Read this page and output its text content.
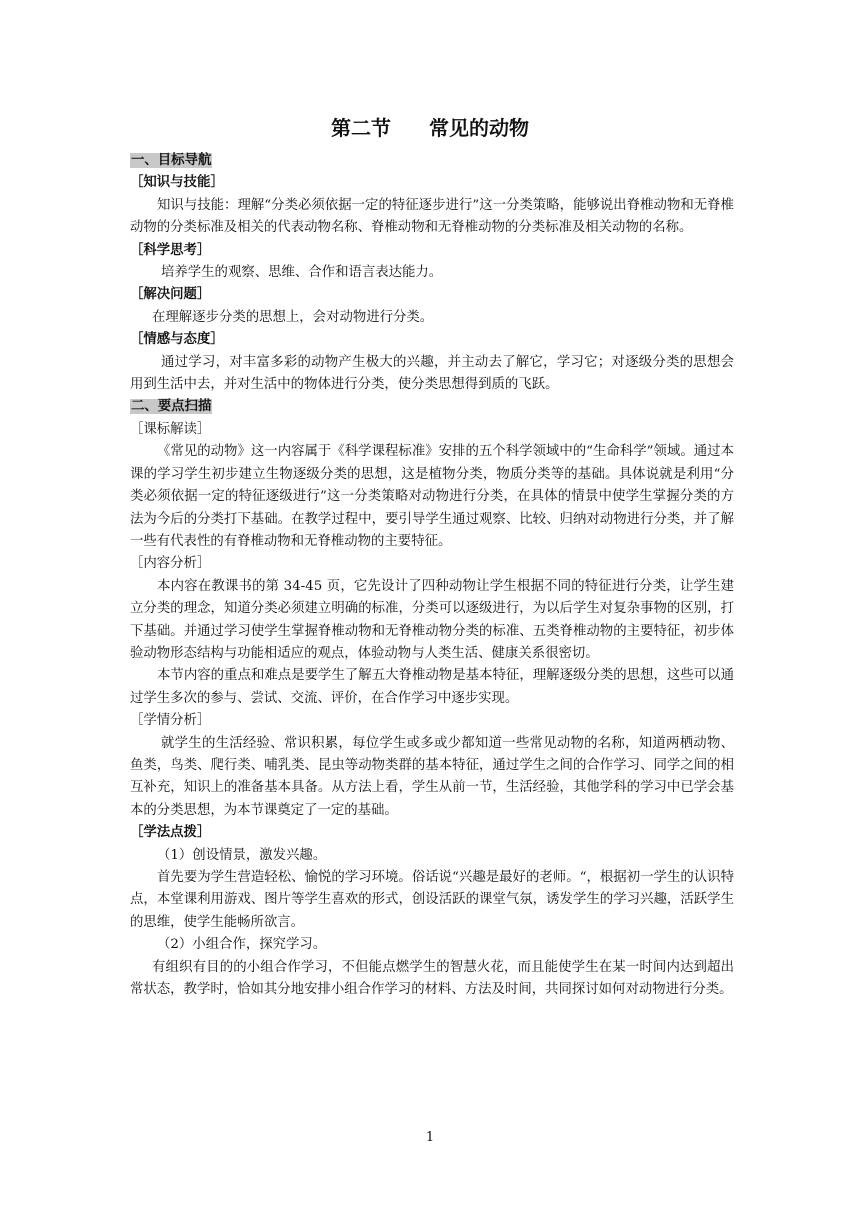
第二节 常见的动物
一、目标导航
［知识与技能］

知识与技能：理解“分类必须依据一定的特征逐步进行”这一分类策略，能够说出脊椎动物和无脊椎动物的分类标准及相关的代表动物名称、脊椎动物和无脊椎动物的分类标准及相关动物的名称。

［科学思考］

培养学生的观察、思维、合作和语言表达能力。

［解决问题］

在理解逐步分类的思想上，会对动物进行分类。

［情感与态度］

通过学习，对丰富多彩的动物产生极大的兴趣，并主动去了解它，学习它；对逐级分类的思想会用到生活中去，并对生活中的物体进行分类，使分类思想得到质的飞跃。

二、要点扫描
［课标解读］

《常见的动物》这一内容属于《科学课程标准》安排的五个科学领域中的“生命科学”领域。通过本课的学习学生初步建立生物逐级分类的思想，这是植物分类，物质分类等的基础。具体说就是利用“分类必须依据一定的特征逐级进行”这一分类策略对动物进行分类，在具体的情景中使学生掌握分类的方法为今后的分类打下基础。在教学过程中，要引导学生通过观察、比较、归纳对动物进行分类，并了解一些有代表性的有脊椎动物和无脊椎动物的主要特征。

［内容分析］

本内容在教课书的第 34-45 页，它先设计了四种动物让学生根据不同的特征进行分类，让学生建立分类的理念，知道分类必须建立明确的标准，分类可以逐级进行，为以后学生对复杂事物的区别，打下基础。并通过学习使学生掌握脊椎动物和无脊椎动物分类的标准、五类脊椎动物的主要特征，初步体验动物形态结构与功能相适应的观点，体验动物与人类生活、健康关系很密切。

本节内容的重点和难点是要学生了解五大脊椎动物是基本特征，理解逐级分类的思想，这些可以通过学生多次的参与、尝试、交流、评价，在合作学习中逐步实现。

［学情分析］

就学生的生活经验、常识积累，每位学生或多或少都知道一些常见动物的名称，知道两栖动物、鱼类，鸟类、爬行类、哺乳类、昆虫等动物类群的基本特征，通过学生之间的合作学习、同学之间的相互补充，知识上的准备基本具备。从方法上看，学生从前一节，生活经验，其他学科的学习中已学会基本的分类思想，为本节课奠定了一定的基础。

［学法点拨］

（1）创设情景，激发兴趣。

首先要为学生营造轻松、愉悦的学习环境。俗话说“兴趣是最好的老师。“，根据初一学生的认识特点，本堂课利用游戏、图片等学生喜欢的形式，创设活跃的课堂气氛，诱发学生的学习兴趣，活跃学生的思维，使学生能畅所欲言。

（2）小组合作，探究学习。

有组织有目的的小组合作学习，不但能点燃学生的智慧火花，而且能使学生在某一时间内达到超出常状态，教学时，恰如其分地安排小组合作学习的材料、方法及时间，共同探讨如何对动物进行分类。

1
